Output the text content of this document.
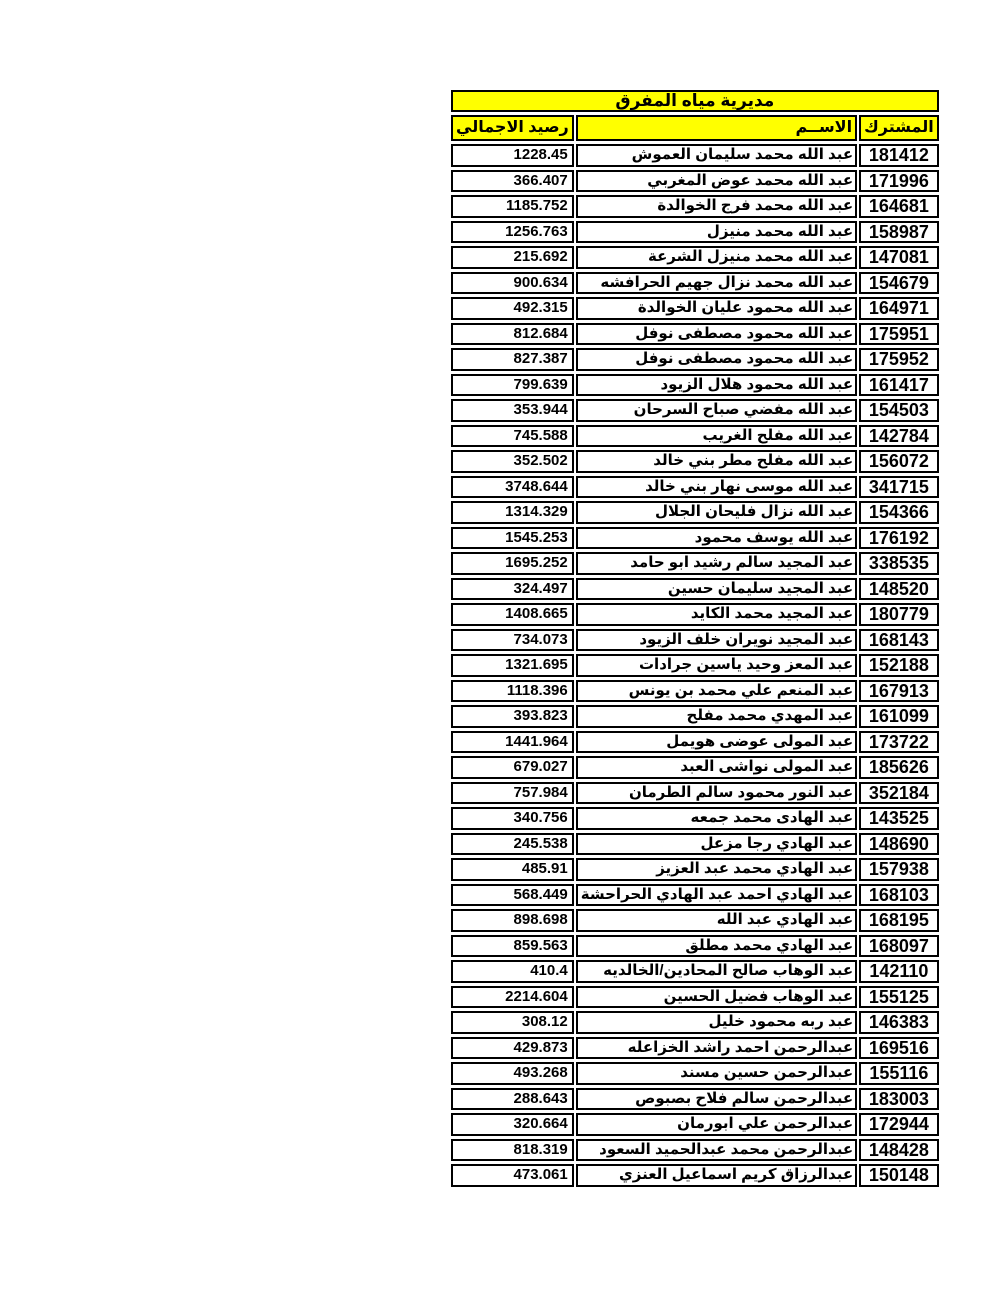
مديرية مياه المفرق		
المشترك	الاســم	رصيد الاجمالي
181412	عبد الله محمد سليمان العموش	1228.45
171996	عبد الله محمد عوض المغربي	366.407
164681	عبد الله محمد فرج الخوالدة	1185.752
158987	عبد الله محمد منيزل	1256.763
147081	عبد الله محمد منيزل الشرعة	215.692
154679	عبد الله محمد نزال جهيم الحرافشه	900.634
164971	عبد الله محمود عليان الخوالدة	492.315
175951	عبد الله محمود مصطفى نوفل	812.684
175952	عبد الله محمود مصطفى نوفل	827.387
161417	عبد الله محمود هلال الزيود	799.639
154503	عبد الله مفضي صباح السرحان	353.944
142784	عبد الله مفلح الغريب	745.588
156072	عبد الله مفلح مطر بني خالد	352.502
341715	عبد الله موسى نهار بني خالد	3748.644
154366	عبد الله نزال فليحان الجلال	1314.329
176192	عبد الله يوسف محمود	1545.253
338535	عبد المجيد سالم رشيد ابو حامد	1695.252
148520	عبد المجيد سليمان حسين	324.497
180779	عبد المجيد محمد الكايد	1408.665
168143	عبد المجيد نويران خلف الزيود	734.073
152188	عبد المعز وحيد ياسين جرادات	1321.695
167913	عبد المنعم علي محمد بن يونس	1118.396
161099	عبد المهدي محمد مفلح	393.823
173722	عبد المولى عوضى هويمل	1441.964
185626	عبد المولى نواشى العبد	679.027
352184	عبد النور محمود سالم الطرمان	757.984
143525	عبد الهادى محمد جمعه	340.756
148690	عبد الهادي رجا مزعل	245.538
157938	عبد الهادي محمد عبد العزيز	485.91
168103	عبد الهادي احمد عبد الهادي الحراحشة	568.449
168195	عبد الهادي عبد الله	898.698
168097	عبد الهادي محمد مطلق	859.563
142110	عبد الوهاب صالح المحادين/الخالديه	410.4
155125	عبد الوهاب فضيل الحسين	2214.604
146383	عبد ربه محمود خليل	308.12
169516	عبدالرحمن احمد راشد الخزاعله	429.873
155116	عبدالرحمن حسين مسند	493.268
183003	عبدالرحمن سالم فلاح بصبوص	288.643
172944	عبدالرحمن علي ابورمان	320.664
148428	عبدالرحمن محمد عبدالحميد السعود	818.319
150148	عبدالرزاق كريم اسماعيل العنزي	473.061
